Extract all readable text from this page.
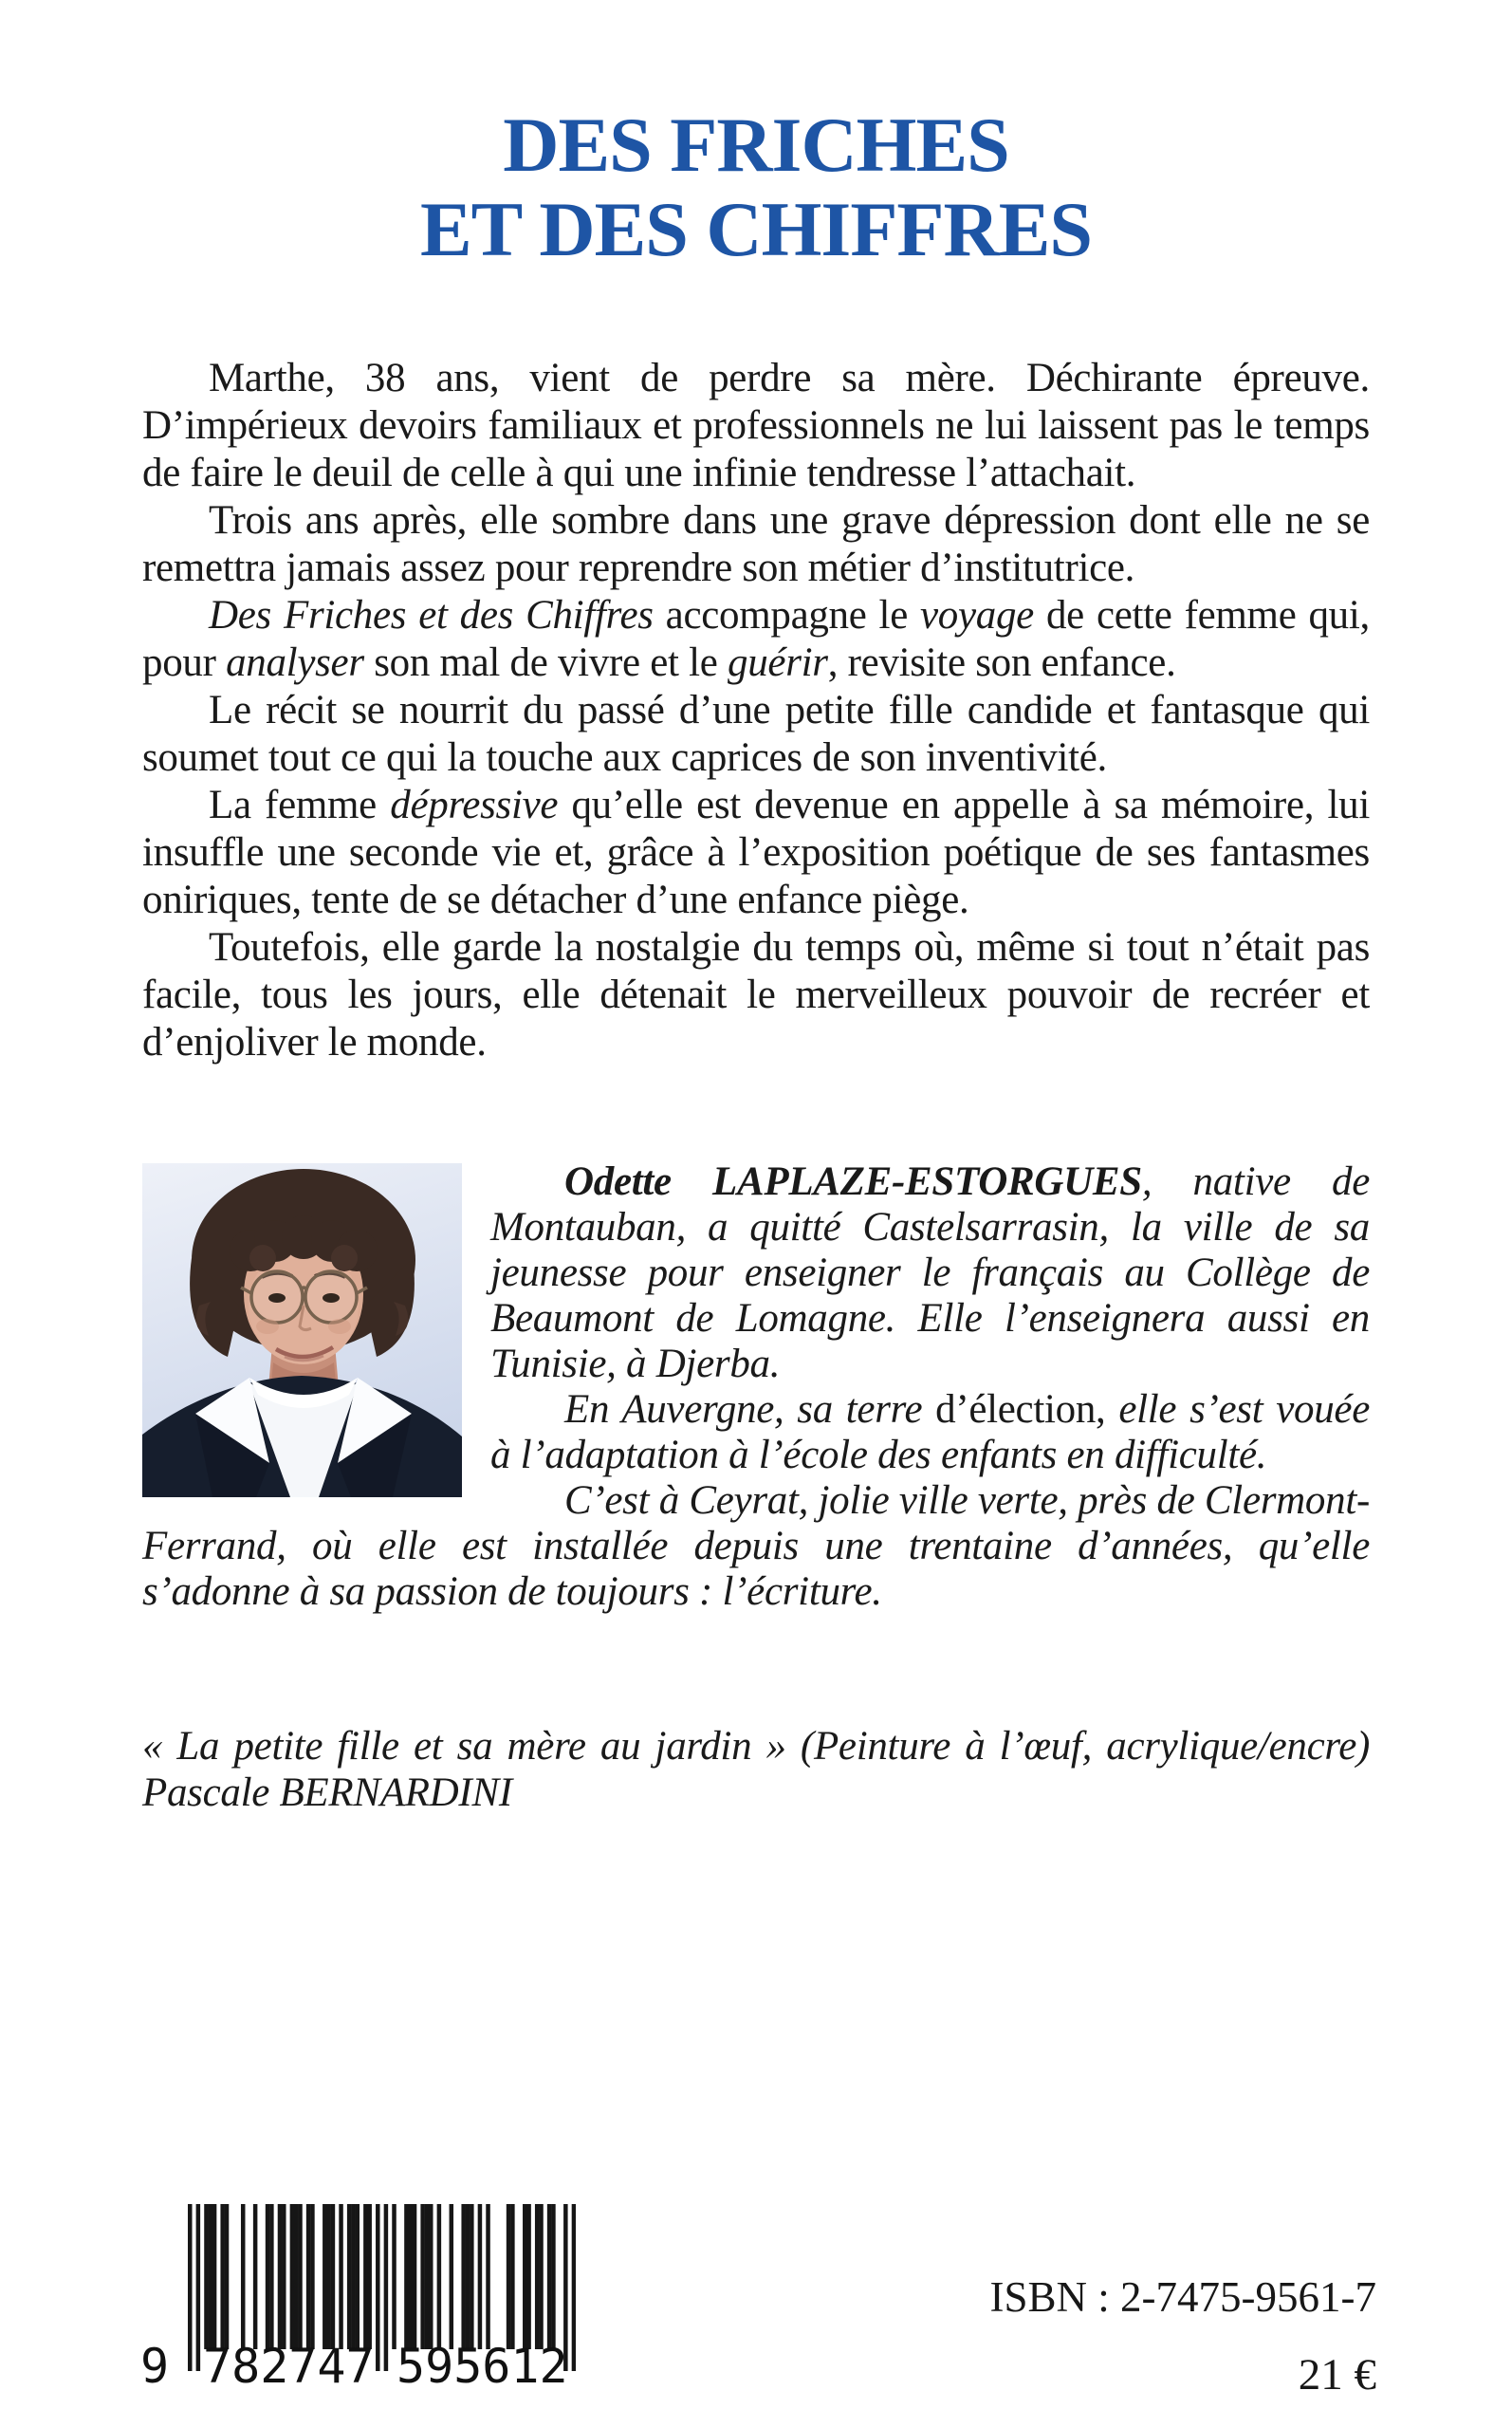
DES FRICHES
ET DES CHIFFRES

Marthe, 38 ans, vient de perdre sa mère. Déchirante épreuve. D’impérieux devoirs familiaux et professionnels ne lui laissent pas le temps de faire le deuil de celle à qui une infinie tendresse l’attachait.

Trois ans après, elle sombre dans une grave dépression dont elle ne se remettra jamais assez pour reprendre son métier d’institutrice.

Des Friches et des Chiffres accompagne le voyage de cette femme qui, pour analyser son mal de vivre et le guérir, revisite son enfance.

Le récit se nourrit du passé d’une petite fille candide et fantasque qui soumet tout ce qui la touche aux caprices de son inventivité.

La femme dépressive qu’elle est devenue en appelle à sa mémoire, lui insuffle une seconde vie et, grâce à l’exposition poétique de ses fantasmes oniriques, tente de se détacher d’une enfance piège.

Toutefois, elle garde la nostalgie du temps où, même si tout n’était pas facile, tous les jours, elle détenait le merveilleux pouvoir de recréer et d’enjoliver le monde.

Odette LAPLAZE-ESTORGUES, native de Montauban, a quitté Castelsarrasin, la ville de sa jeunesse pour enseigner le français au Collège de Beaumont de Lomagne. Elle l’enseignera aussi en Tunisie, à Djerba.

En Auvergne, sa terre d’élection, elle s’est vouée à l’adaptation à l’école des enfants en difficulté.

C’est à Ceyrat, jolie ville verte, près de Clermont-Ferrand, où elle est installée depuis une trentaine d’années, qu’elle s’adonne à sa passion de toujours : l’écriture.

« La petite fille et sa mère au jardin » (Peinture à l’œuf, acrylique/encre)
Pascale BERNARDINI
9 782747 595612
ISBN : 2-7475-9561-7
21 €
